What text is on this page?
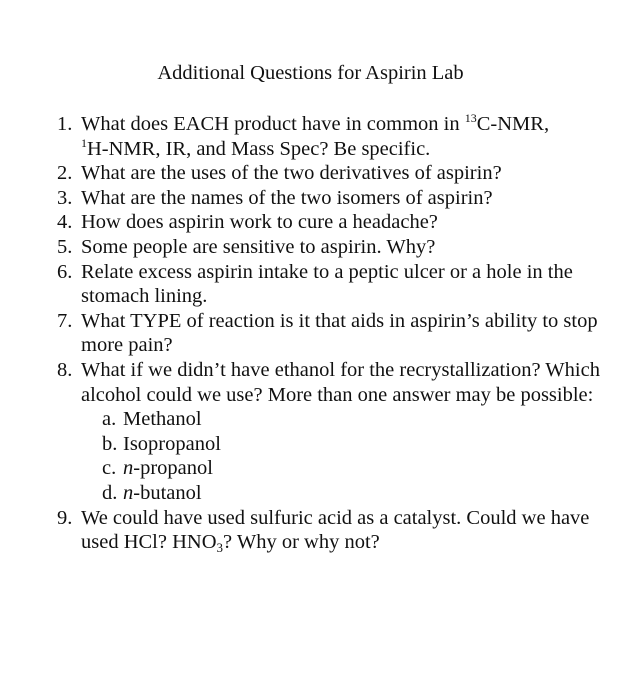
Additional Questions for Aspirin Lab
1. What does EACH product have in common in $^{13}$C-NMR,
$^1$H-NMR, IR, and Mass Spec? Be specific.
2. What are the uses of the two derivatives of aspirin?
3. What are the names of the two isomers of aspirin?
4. How does aspirin work to cure a headache?
5. Some people are sensitive to aspirin. Why?
6. Relate excess aspirin intake to a peptic ulcer or a hole in the stomach lining.
7. What TYPE of reaction is it that aids in aspirin’s ability to stop more pain?
8. What if we didn’t have ethanol for the recrystallization? Which alcohol could we use? More than one answer may be possible:
a. Methanol
b. Isopropanol
c. n-propanol
d. n-butanol
9. We could have used sulfuric acid as a catalyst. Could we have used HCl? $HNO_3$? Why or why not?
